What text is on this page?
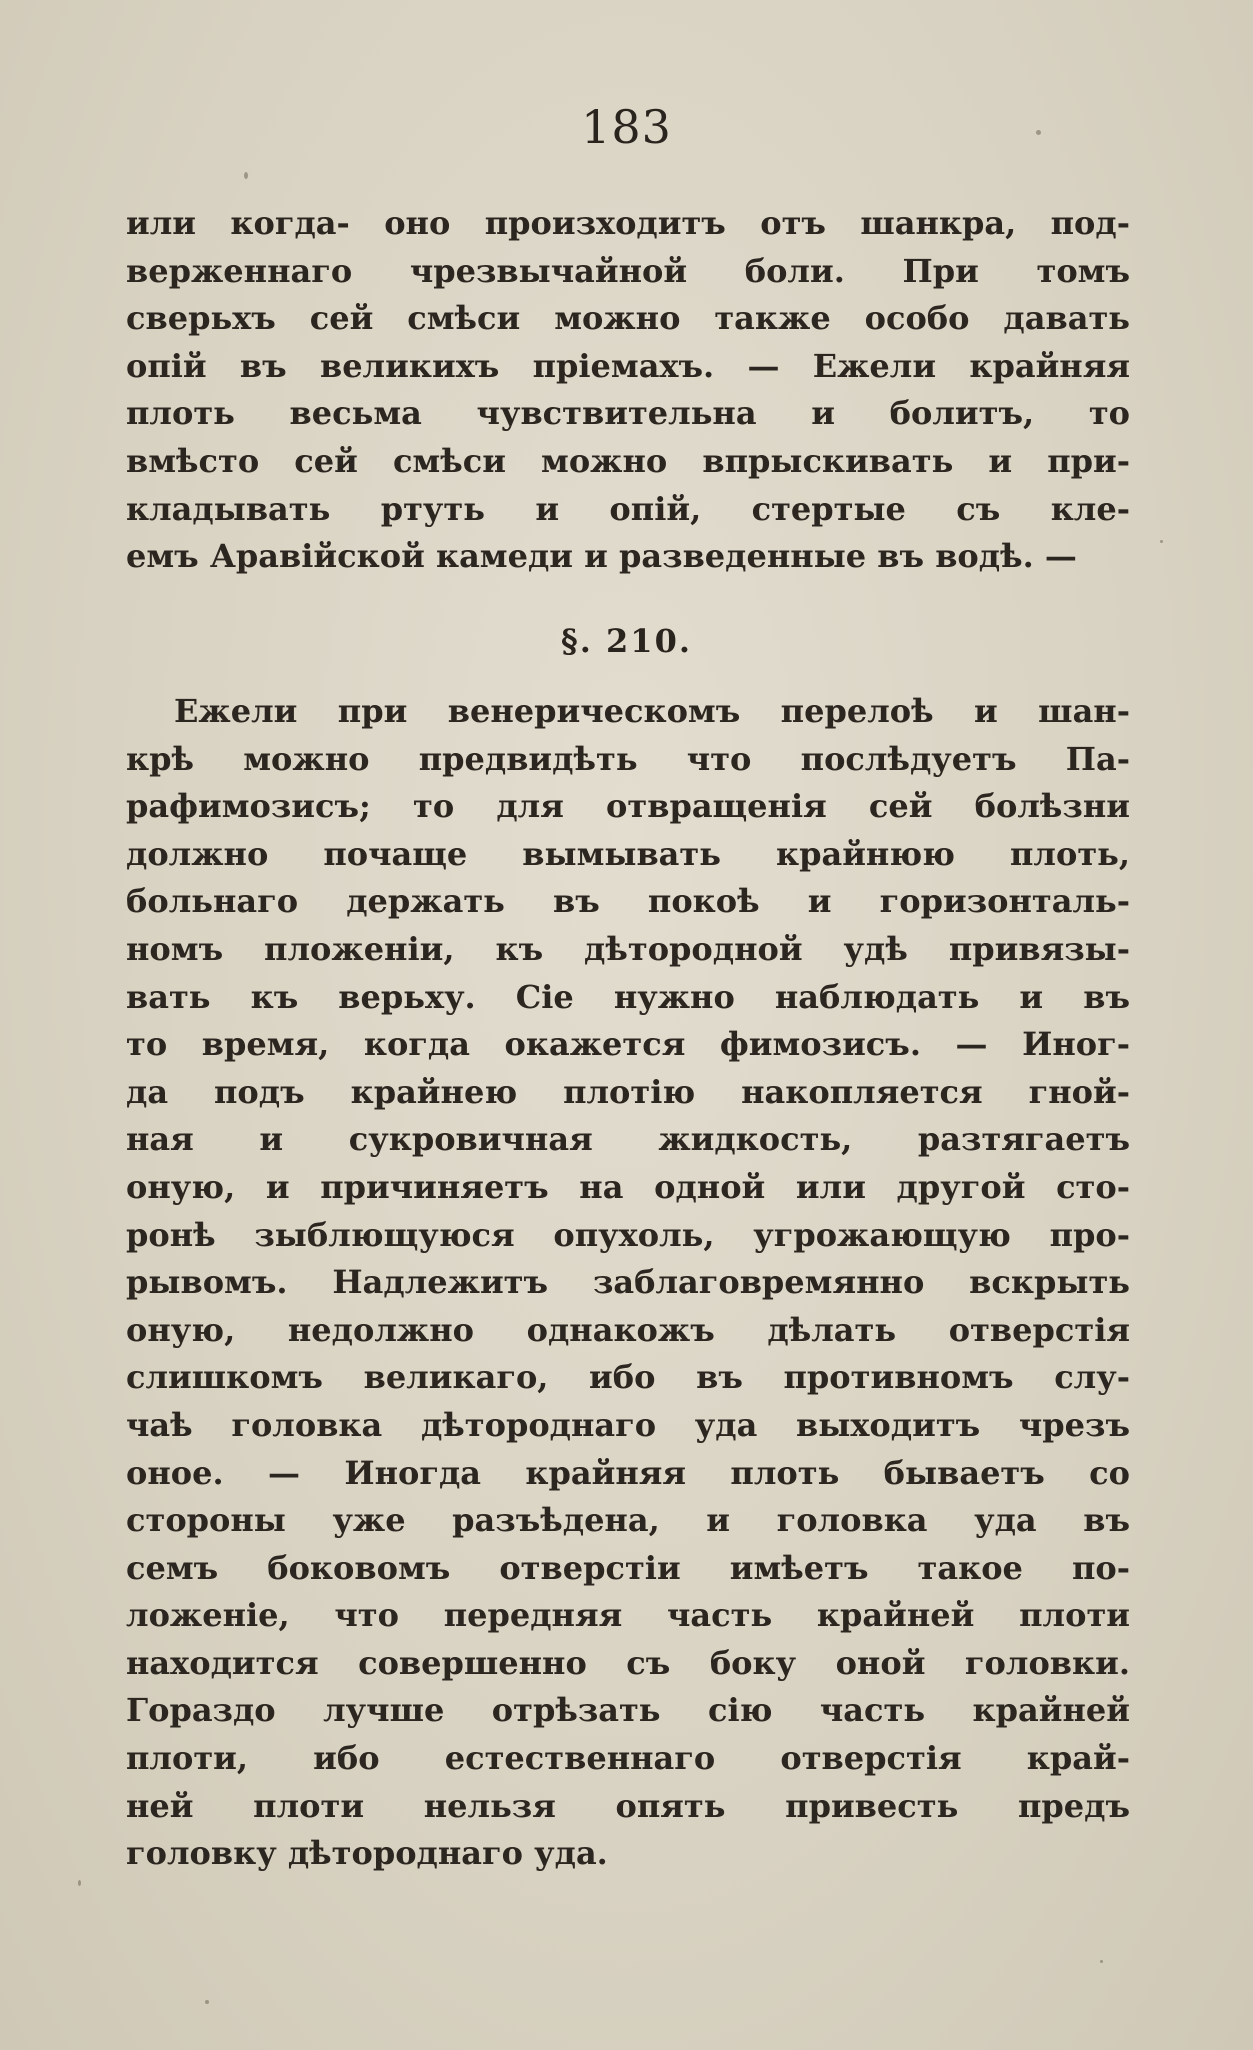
183
или когда- оно произходитъ отъ шанкра, под-
верженнаго чрезвычайной боли. При томъ
сверьхъ сей смѣси можно также особо давать
опій въ великихъ пріемахъ. — Ежели крайняя
плоть весьма чувствительна и болитъ, то
вмѣсто сей смѣси можно впрыскивать и при-
кладывать ртуть и опій, стертые съ кле-
емъ Аравійской камеди и разведенные въ водѣ. —
§. 210.
Ежели при венерическомъ перелоѣ и шан-
крѣ можно предвидѣть что послѣдуетъ Па-
рафимозисъ; то для отвращенія сей болѣзни
должно почаще вымывать крайнюю плоть,
больнаго держать въ покоѣ и горизонталь-
номъ пложеніи, къ дѣтородной удѣ привязы-
вать къ верьху. Сіе нужно наблюдать и въ
то время, когда окажется фимозисъ. — Иног-
да подъ крайнею плотію накопляется гной-
ная и сукровичная жидкость, разтягаетъ
оную, и причиняетъ на одной или другой сто-
ронѣ зыблющуюся опухоль, угрожающую про-
рывомъ. Надлежитъ заблаговремянно вскрыть
оную, недолжно однакожъ дѣлать отверстія
слишкомъ великаго, ибо въ противномъ слу-
чаѣ головка дѣтороднаго уда выходитъ чрезъ
оное. — Иногда крайняя плоть бываетъ со
стороны уже разъѣдена, и головка уда въ
семъ боковомъ отверстіи имѣетъ такое по-
ложеніе, что передняя часть крайней плоти
находится совершенно съ боку оной головки.
Гораздо лучше отрѣзать сію часть крайней
плоти, ибо естественнаго отверстія край-
ней плоти нельзя опять привесть предъ
головку дѣтороднаго уда.
